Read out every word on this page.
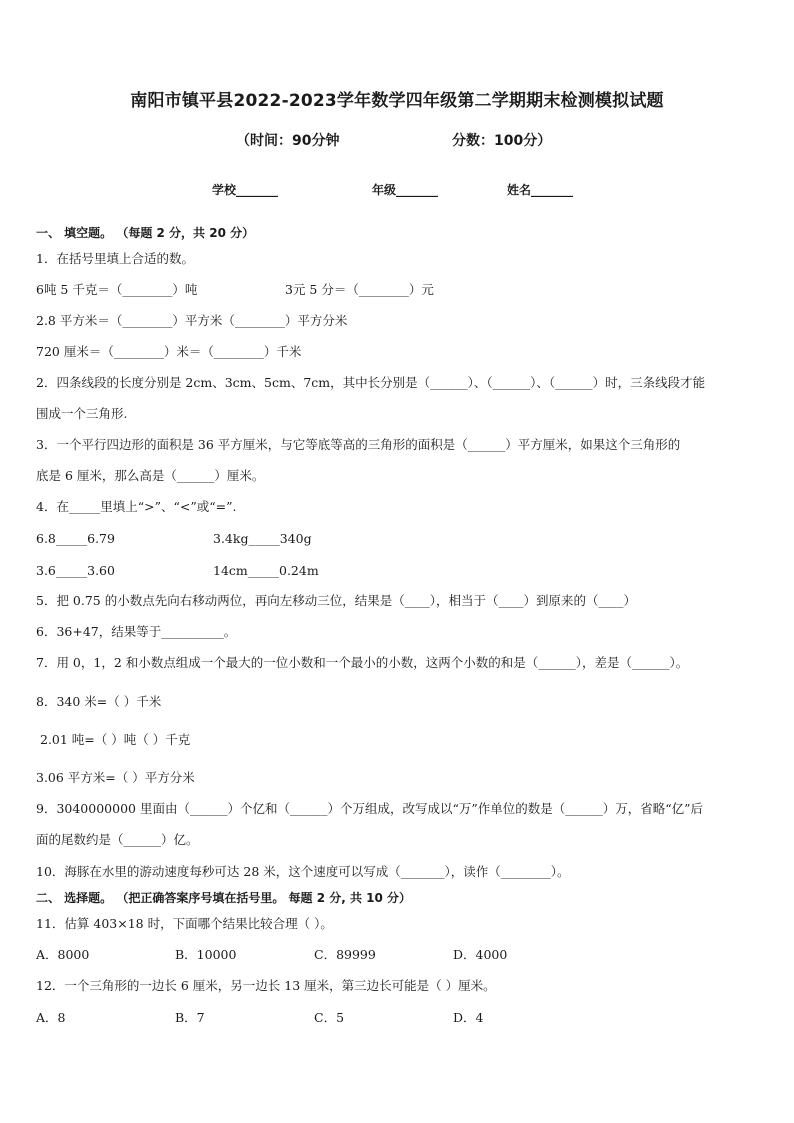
南阳市镇平县2022-2023学年数学四年级第二学期期末检测模拟试题
（时间：90分钟	分数：100分）
学校_______	年级_______	姓名_______
一、 填空题。 （每题 2 分，共 20 分）
1．在括号里填上合适的数。
6吨 5 千克＝（________）吨	3元 5 分＝（________）元
2.8 平方米＝（________）平方米（________）平方分米
720 厘米＝（________）米＝（________）千米
2．四条线段的长度分别是 2cm、3cm、5cm、7cm，其中长分别是（______）、（______）、（______）时，三条线段才能
围成一个三角形.
3．一个平行四边形的面积是 36 平方厘米，与它等底等高的三角形的面积是（______）平方厘米，如果这个三角形的
底是 6 厘米，那么高是（______）厘米。
4．在_____里填上“>”、“<”或“=”.
6.8_____6.79	3.4kg_____340g
3.6_____3.60	14cm_____0.24m
5．把 0.75 的小数点先向右移动两位，再向左移动三位，结果是（____），相当于（____）到原来的（____）
6．36+47，结果等于__________。
7．用 0，1，2 和小数点组成一个最大的一位小数和一个最小的小数，这两个小数的和是（______），差是（______）。
8．340 米=（ ）千米
2.01 吨=（ ）吨（ ）千克
3.06 平方米=（ ）平方分米
9．3040000000 里面由（______）个亿和（______）个万组成，改写成以“万”作单位的数是（______）万，省略“亿”后
面的尾数约是（______）亿。
10．海豚在水里的游动速度每秒可达 28 米，这个速度可以写成（_______），读作（________）。
二、 选择题。 （把正确答案序号填在括号里。 每题 2 分, 共 10 分）
11．估算 403×18 时，下面哪个结果比较合理（ ）。
A．8000	B．10000	C．89999	D．4000
12．一个三角形的一边长 6 厘米，另一边长 13 厘米，第三边长可能是（ ）厘米。
A．8	B．7	C．5	D．4
